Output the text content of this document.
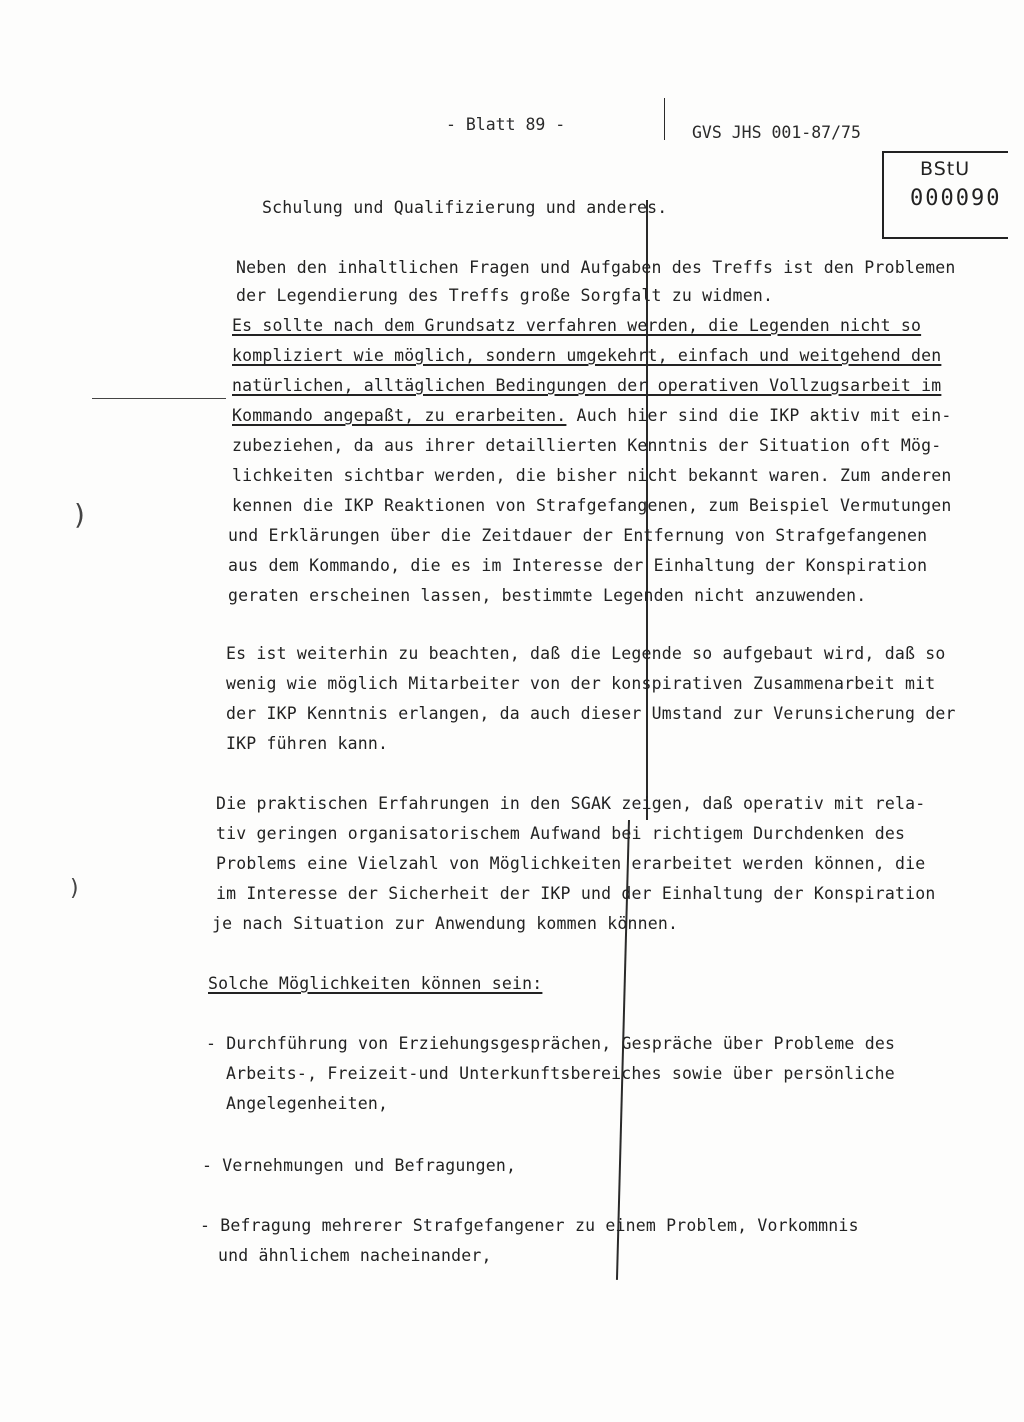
- Blatt 89 -	GVS JHS 001-87/75
BStU
000090
)
)
Schulung und Qualifizierung und anderes.
Neben den inhaltlichen Fragen und Aufgaben des Treffs ist den Problemen
der Legendierung des Treffs große Sorgfalt zu widmen.
Es sollte nach dem Grundsatz verfahren werden, die Legenden nicht so
kompliziert wie möglich, sondern umgekehrt, einfach und weitgehend den
natürlichen, alltäglichen Bedingungen der operativen Vollzugsarbeit im
Kommando angepaßt, zu erarbeiten. Auch hier sind die IKP aktiv mit ein-
zubeziehen, da aus ihrer detaillierten Kenntnis der Situation oft Mög-
lichkeiten sichtbar werden, die bisher nicht bekannt waren. Zum anderen
kennen die IKP Reaktionen von Strafgefangenen, zum Beispiel Vermutungen
und Erklärungen über die Zeitdauer der Entfernung von Strafgefangenen
aus dem Kommando, die es im Interesse der Einhaltung der Konspiration
geraten erscheinen lassen, bestimmte Legenden nicht anzuwenden.
Es ist weiterhin zu beachten, daß die Legende so aufgebaut wird, daß so
wenig wie möglich Mitarbeiter von der konspirativen Zusammenarbeit mit
der IKP Kenntnis erlangen, da auch dieser Umstand zur Verunsicherung der
IKP führen kann.
Die praktischen Erfahrungen in den SGAK zeigen, daß operativ mit rela-
tiv geringen organisatorischem Aufwand bei richtigem Durchdenken des
Problems eine Vielzahl von Möglichkeiten erarbeitet werden können, die
im Interesse der Sicherheit der IKP und der Einhaltung der Konspiration
je nach Situation zur Anwendung kommen können.
Solche Möglichkeiten können sein:
- Durchführung von Erziehungsgesprächen, Gespräche über Probleme des
Arbeits-, Freizeit-und Unterkunftsbereiches sowie über persönliche
Angelegenheiten,
- Vernehmungen und Befragungen,
- Befragung mehrerer Strafgefangener zu einem Problem, Vorkommnis
und ähnlichem nacheinander,
